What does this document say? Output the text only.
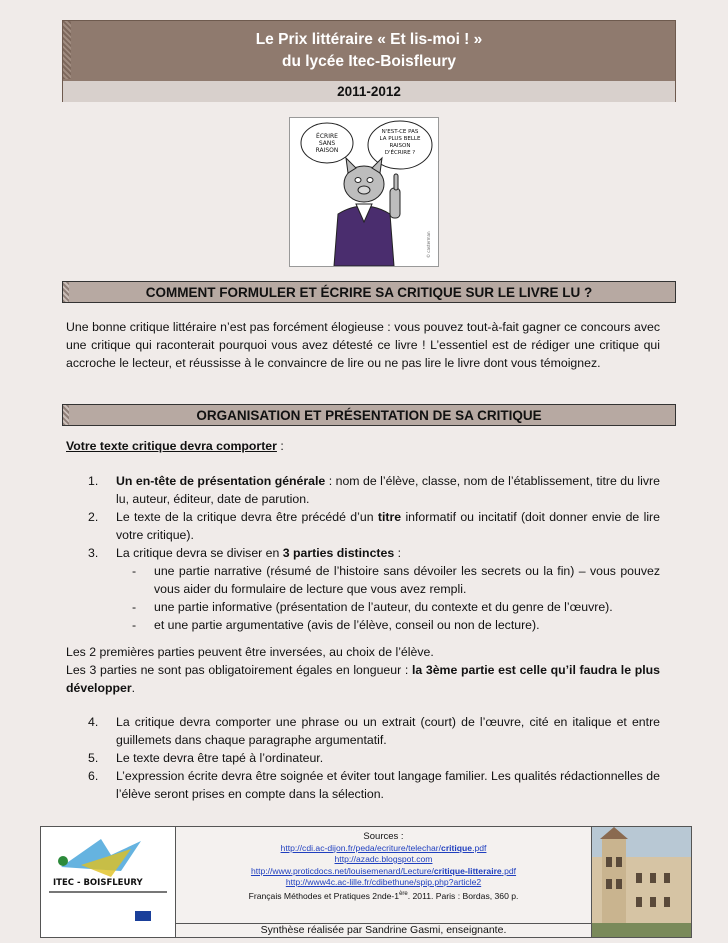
Le Prix littéraire « Et lis-moi ! »
du lycée Itec-Boisfleury
2011-2012
ÉCRIRE
SANS
RAISON
N'EST-CE PAS
LA PLUS BELLE
RAISON
D'ÉCRIRE ?
© casterman
COMMENT FORMULER ET ÉCRIRE SA CRITIQUE SUR LE LIVRE LU ?
Une bonne critique littéraire n’est pas forcément élogieuse : vous pouvez tout-à-fait gagner ce concours avec une critique qui raconterait pourquoi vous avez détesté ce livre ! L’essentiel est de rédiger une critique qui accroche le lecteur, et réussisse à le convaincre de lire ou ne pas lire le livre dont vous témoignez.
ORGANISATION ET PRÉSENTATION DE SA CRITIQUE
Votre texte critique devra comporter :
1. Un en-tête de présentation générale : nom de l’élève, classe, nom de l’établissement, titre du livre lu, auteur, éditeur, date de parution.
2. Le texte de la critique devra être précédé d’un titre informatif ou incitatif (doit donner envie de lire votre critique).
3. La critique devra se diviser en 3 parties distinctes :
- une partie narrative (résumé de l’histoire sans dévoiler les secrets ou la fin) – vous pouvez vous aider du formulaire de lecture que vous avez rempli.
- une partie informative (présentation de l’auteur, du contexte et du genre de l’œuvre).
- et une partie argumentative (avis de l’élève, conseil ou non de lecture).
Les 2 premières parties peuvent être inversées, au choix de l’élève.
Les 3 parties ne sont pas obligatoirement égales en longueur : la 3ème partie est celle qu’il faudra le plus développer.
4. La critique devra comporter une phrase ou un extrait (court) de l’œuvre, cité en italique et entre guillemets dans chaque paragraphe argumentatif.
5. Le texte devra être tapé à l’ordinateur.
6. L’expression écrite devra être soignée et éviter tout langage familier. Les qualités rédactionnelles de l’élève seront prises en compte dans la sélection.
ITEC - BOISFLEURY
Sources :
http://cdi.ac-dijon.fr/peda/ecriture/telechar/critique.pdf
http://azadc.blogspot.com
http://www.proticdocs.net/louisemenard/Lecture/critique-litteraire.pdf
http://www4c.ac-lille.fr/cdibethune/spip.php?article2
Français Méthodes et Pratiques 2nde-1ère. 2011. Paris : Bordas, 360 p.
Synthèse réalisée par Sandrine Gasmi, enseignante.
